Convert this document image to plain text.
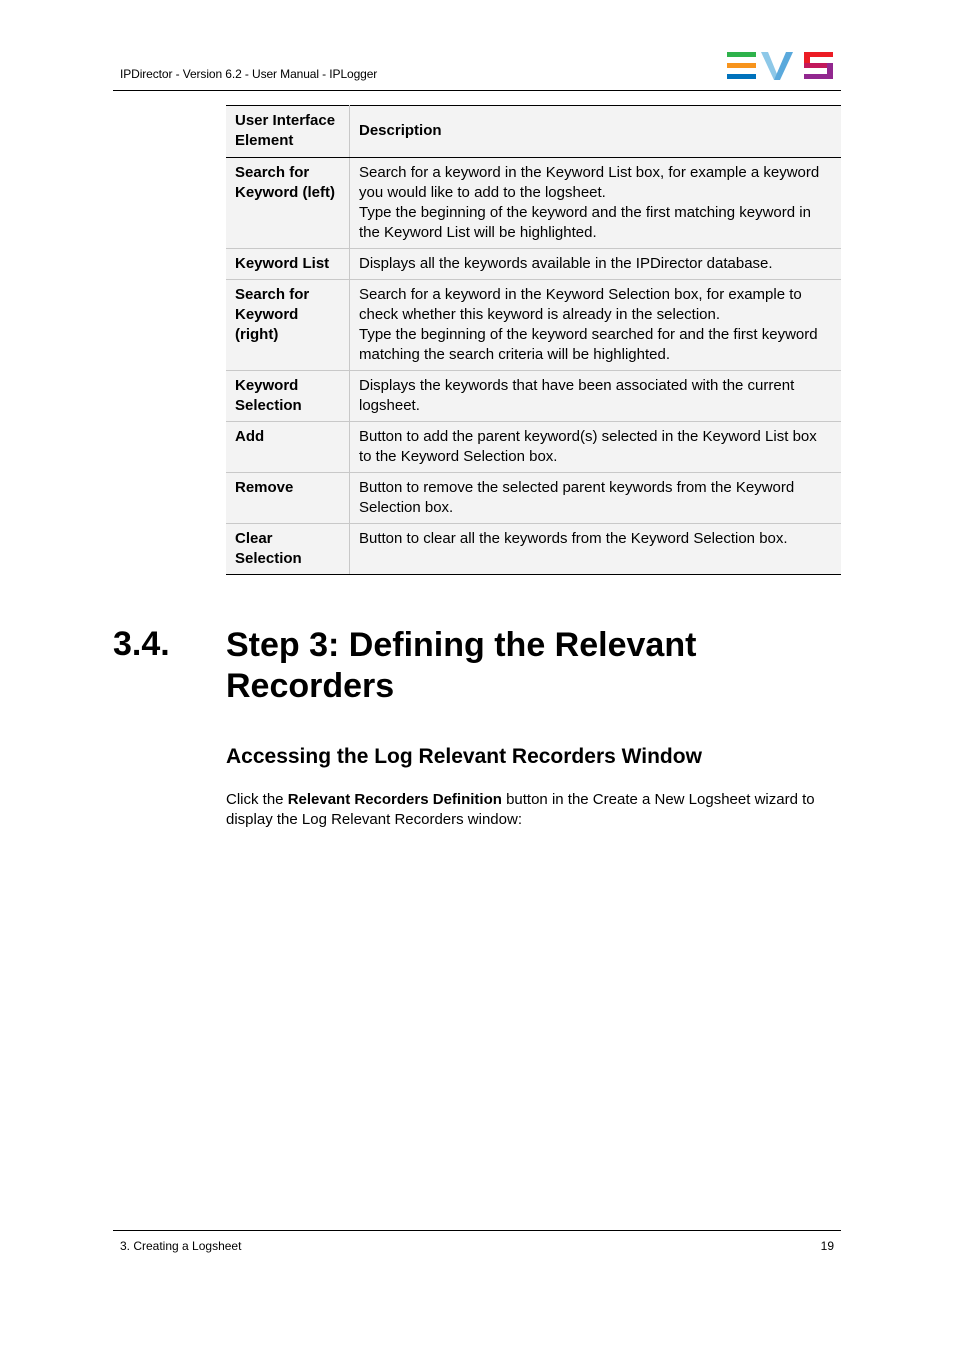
IPDirector - Version 6.2 - User Manual - IPLogger
User Interface Element	Description
Search for Keyword (left)	Search for a keyword in the Keyword List box, for example a keyword you would like to add to the logsheet.
Type the beginning of the keyword and the first matching keyword in the Keyword List will be highlighted.
Keyword List	Displays all the keywords available in the IPDirector database.
Search for Keyword (right)	Search for a keyword in the Keyword Selection box, for example to check whether this keyword is already in the selection.
Type the beginning of the keyword searched for and the first keyword matching the search criteria will be highlighted.
Keyword Selection	Displays the keywords that have been associated with the current logsheet.
Add	Button to add the parent keyword(s) selected in the Keyword List box to the Keyword Selection box.
Remove	Button to remove the selected parent keywords from the Keyword Selection box.
Clear Selection	Button to clear all the keywords from the Keyword Selection box.
3.4. Step 3: Defining the Relevant Recorders
Accessing the Log Relevant Recorders Window

Click the Relevant Recorders Definition button in the Create a New Logsheet wizard to display the Log Relevant Recorders window:

3. Creating a Logsheet	19
